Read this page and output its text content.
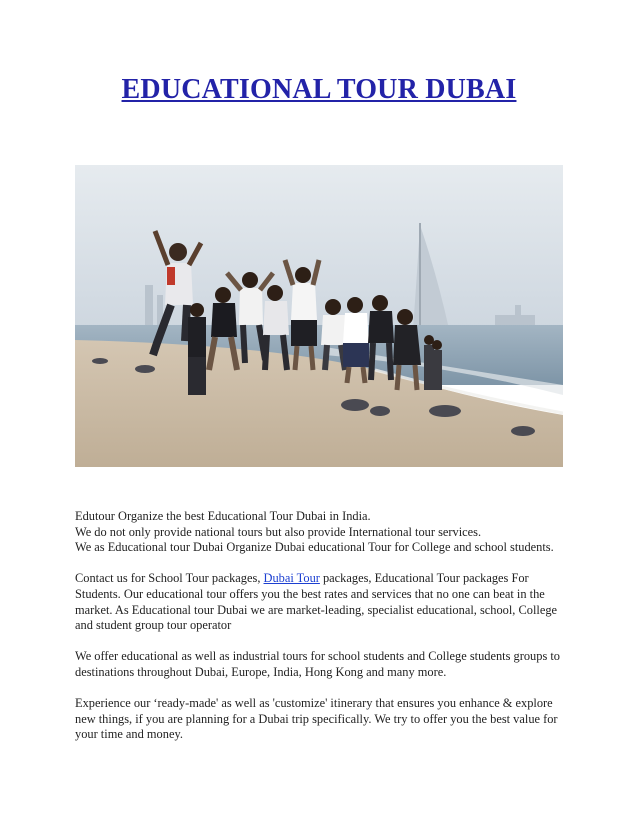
EDUCATIONAL TOUR DUBAI

Edutour Organize the best Educational Tour Dubai in India.

We do not only provide national tours but also provide International tour services.

We as Educational tour Dubai Organize Dubai educational Tour for College and school students.

Contact us for School Tour packages, Dubai Tour packages, Educational Tour packages For Students. Our educational tour offers you the best rates and services that no one can beat in the market. As Educational tour Dubai we are market-leading, specialist educational, school, College and student group tour operator

We offer educational as well as industrial tours for school students and College students groups to destinations throughout Dubai, Europe, India, Hong Kong and many more.

Experience our ‘ready-made' as well as 'customize' itinerary that ensures you enhance & explore new things, if you are planning for a Dubai trip specifically. We try to offer you the best value for your time and money.
